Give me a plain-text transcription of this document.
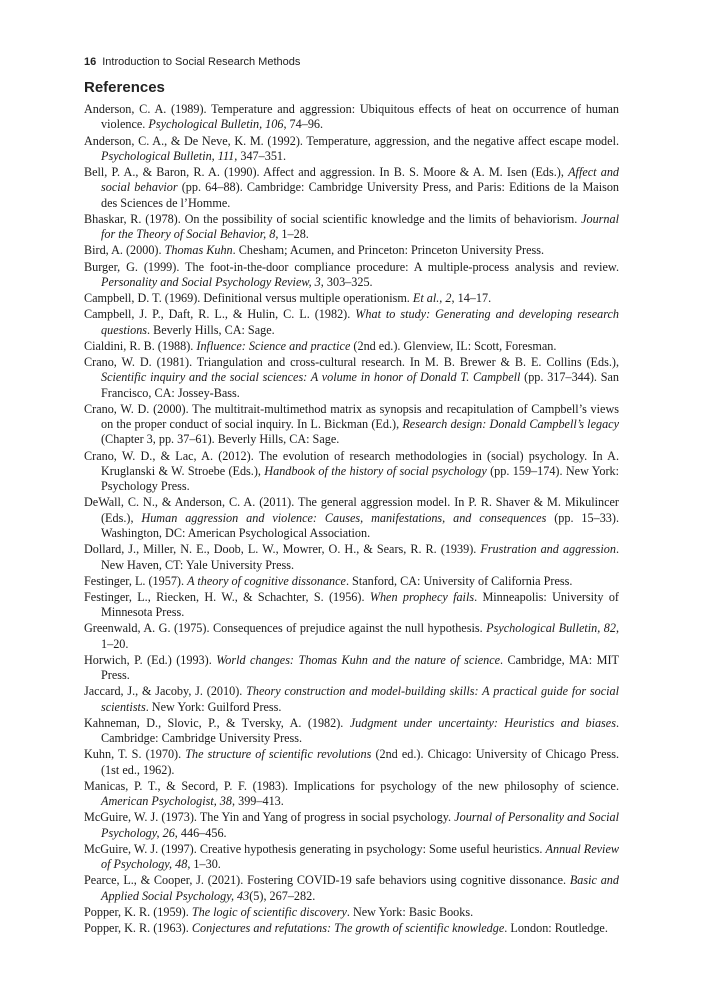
16 Introduction to Social Research Methods
References
Anderson, C. A. (1989). Temperature and aggression: Ubiquitous effects of heat on occurrence of human violence. Psychological Bulletin, 106, 74–96.
Anderson, C. A., & De Neve, K. M. (1992). Temperature, aggression, and the negative affect escape model. Psychological Bulletin, 111, 347–351.
Bell, P. A., & Baron, R. A. (1990). Affect and aggression. In B. S. Moore & A. M. Isen (Eds.), Affect and social behavior (pp. 64–88). Cambridge: Cambridge University Press, and Paris: Editions de la Maison des Sciences de l’Homme.
Bhaskar, R. (1978). On the possibility of social scientific knowledge and the limits of behaviorism. Journal for the Theory of Social Behavior, 8, 1–28.
Bird, A. (2000). Thomas Kuhn. Chesham; Acumen, and Princeton: Princeton University Press.
Burger, G. (1999). The foot-in-the-door compliance procedure: A multiple-process analysis and review. Personality and Social Psychology Review, 3, 303–325.
Campbell, D. T. (1969). Definitional versus multiple operationism. Et al., 2, 14–17.
Campbell, J. P., Daft, R. L., & Hulin, C. L. (1982). What to study: Generating and developing research questions. Beverly Hills, CA: Sage.
Cialdini, R. B. (1988). Influence: Science and practice (2nd ed.). Glenview, IL: Scott, Foresman.
Crano, W. D. (1981). Triangulation and cross-cultural research. In M. B. Brewer & B. E. Collins (Eds.), Scientific inquiry and the social sciences: A volume in honor of Donald T. Campbell (pp. 317–344). San Francisco, CA: Jossey-Bass.
Crano, W. D. (2000). The multitrait-multimethod matrix as synopsis and recapitulation of Campbell’s views on the proper conduct of social inquiry. In L. Bickman (Ed.), Research design: Donald Campbell’s legacy (Chapter 3, pp. 37–61). Beverly Hills, CA: Sage.
Crano, W. D., & Lac, A. (2012). The evolution of research methodologies in (social) psychology. In A. Kruglanski & W. Stroebe (Eds.), Handbook of the history of social psychology (pp. 159–174). New York: Psychology Press.
DeWall, C. N., & Anderson, C. A. (2011). The general aggression model. In P. R. Shaver & M. Mikulincer (Eds.), Human aggression and violence: Causes, manifestations, and consequences (pp. 15–33). Washington, DC: American Psychological Association.
Dollard, J., Miller, N. E., Doob, L. W., Mowrer, O. H., & Sears, R. R. (1939). Frustration and aggression. New Haven, CT: Yale University Press.
Festinger, L. (1957). A theory of cognitive dissonance. Stanford, CA: University of California Press.
Festinger, L., Riecken, H. W., & Schachter, S. (1956). When prophecy fails. Minneapolis: University of Minnesota Press.
Greenwald, A. G. (1975). Consequences of prejudice against the null hypothesis. Psychological Bulletin, 82, 1–20.
Horwich, P. (Ed.) (1993). World changes: Thomas Kuhn and the nature of science. Cambridge, MA: MIT Press.
Jaccard, J., & Jacoby, J. (2010). Theory construction and model-building skills: A practical guide for social scientists. New York: Guilford Press.
Kahneman, D., Slovic, P., & Tversky, A. (1982). Judgment under uncertainty: Heuristics and biases. Cambridge: Cambridge University Press.
Kuhn, T. S. (1970). The structure of scientific revolutions (2nd ed.). Chicago: University of Chicago Press. (1st ed., 1962).
Manicas, P. T., & Secord, P. F. (1983). Implications for psychology of the new philosophy of science. American Psychologist, 38, 399–413.
McGuire, W. J. (1973). The Yin and Yang of progress in social psychology. Journal of Personality and Social Psychology, 26, 446–456.
McGuire, W. J. (1997). Creative hypothesis generating in psychology: Some useful heuristics. Annual Review of Psychology, 48, 1–30.
Pearce, L., & Cooper, J. (2021). Fostering COVID-19 safe behaviors using cognitive dissonance. Basic and Applied Social Psychology, 43(5), 267–282.
Popper, K. R. (1959). The logic of scientific discovery. New York: Basic Books.
Popper, K. R. (1963). Conjectures and refutations: The growth of scientific knowledge. London: Routledge.
